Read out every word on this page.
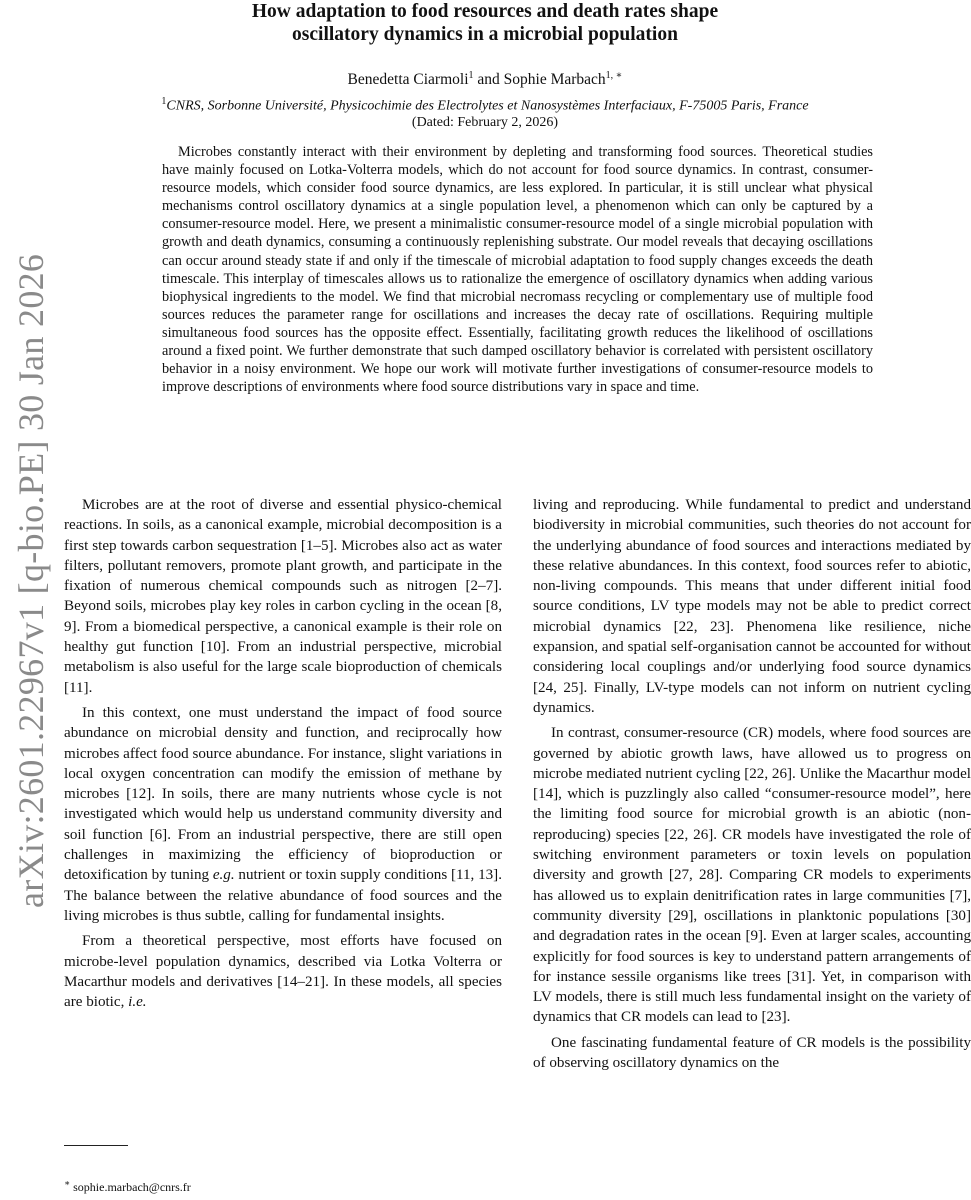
arXiv:2601.22967v1 [q-bio.PE] 30 Jan 2026
How adaptation to food resources and death rates shape
oscillatory dynamics in a microbial population
Benedetta Ciarmoli$^1$ and Sophie Marbach$^{1, ∗}$
$^1$CNRS, Sorbonne Université, Physicochimie des Electrolytes et Nanosystèmes Interfaciaux, F-75005 Paris, France
(Dated: February 2, 2026)
Microbes constantly interact with their environment by depleting and transforming food sources. Theoretical studies have mainly focused on Lotka-Volterra models, which do not account for food source dynamics. In contrast, consumer-resource models, which consider food source dynamics, are less explored. In particular, it is still unclear what physical mechanisms control oscillatory dynamics at a single population level, a phenomenon which can only be captured by a consumer-resource model. Here, we present a minimalistic consumer-resource model of a single microbial population with growth and death dynamics, consuming a continuously replenishing substrate. Our model reveals that decaying oscillations can occur around steady state if and only if the timescale of microbial adaptation to food supply changes exceeds the death timescale. This interplay of timescales allows us to rationalize the emergence of oscillatory dynamics when adding various biophysical ingredients to the model. We find that microbial necromass recycling or complementary use of multiple food sources reduces the parameter range for oscillations and increases the decay rate of oscillations. Requiring multiple simultaneous food sources has the opposite effect. Essentially, facilitating growth reduces the likelihood of oscillations around a fixed point. We further demonstrate that such damped oscillatory behavior is correlated with persistent oscillatory behavior in a noisy environment. We hope our work will motivate further investigations of consumer-resource models to improve descriptions of environments where food source distributions vary in space and time.

Microbes are at the root of diverse and essential physico-chemical reactions. In soils, as a canonical example, microbial decomposition is a first step towards carbon sequestration [1–5]. Microbes also act as water filters, pollutant removers, promote plant growth, and participate in the fixation of numerous chemical compounds such as nitrogen [2–7]. Beyond soils, microbes play key roles in carbon cycling in the ocean [8, 9]. From a biomedical perspective, a canonical example is their role on healthy gut function [10]. From an industrial perspective, microbial metabolism is also useful for the large scale bioproduction of chemicals [11].

In this context, one must understand the impact of food source abundance on microbial density and function, and reciprocally how microbes affect food source abundance. For instance, slight variations in local oxygen concentration can modify the emission of methane by microbes [12]. In soils, there are many nutrients whose cycle is not investigated which would help us understand community diversity and soil function [6]. From an industrial perspective, there are still open challenges in maximizing the efficiency of bioproduction or detoxification by tuning e.g. nutrient or toxin supply conditions [11, 13]. The balance between the relative abundance of food sources and the living microbes is thus subtle, calling for fundamental insights.

From a theoretical perspective, most efforts have focused on microbe-level population dynamics, described via Lotka Volterra or Macarthur models and derivatives [14–21]. In these models, all species are biotic, i.e.

living and reproducing. While fundamental to predict and understand biodiversity in microbial communities, such theories do not account for the underlying abundance of food sources and interactions mediated by these relative abundances. In this context, food sources refer to abiotic, non-living compounds. This means that under different initial food source conditions, LV type models may not be able to predict correct microbial dynamics [22, 23]. Phenomena like resilience, niche expansion, and spatial self-organisation cannot be accounted for without considering local couplings and/or underlying food source dynamics [24, 25]. Finally, LV-type models can not inform on nutrient cycling dynamics.

In contrast, consumer-resource (CR) models, where food sources are governed by abiotic growth laws, have allowed us to progress on microbe mediated nutrient cycling [22, 26]. Unlike the Macarthur model [14], which is puzzlingly also called “consumer-resource model”, here the limiting food source for microbial growth is an abiotic (non-reproducing) species [22, 26]. CR models have investigated the role of switching environment parameters or toxin levels on population diversity and growth [27, 28]. Comparing CR models to experiments has allowed us to explain denitrification rates in large communities [7], community diversity [29], oscillations in planktonic populations [30] and degradation rates in the ocean [9]. Even at larger scales, accounting explicitly for food sources is key to understand pattern arrangements of for instance sessile organisms like trees [31]. Yet, in comparison with LV models, there is still much less fundamental insight on the variety of dynamics that CR models can lead to [23].

One fascinating fundamental feature of CR models is the possibility of observing oscillatory dynamics on the

∗ sophie.marbach@cnrs.fr
